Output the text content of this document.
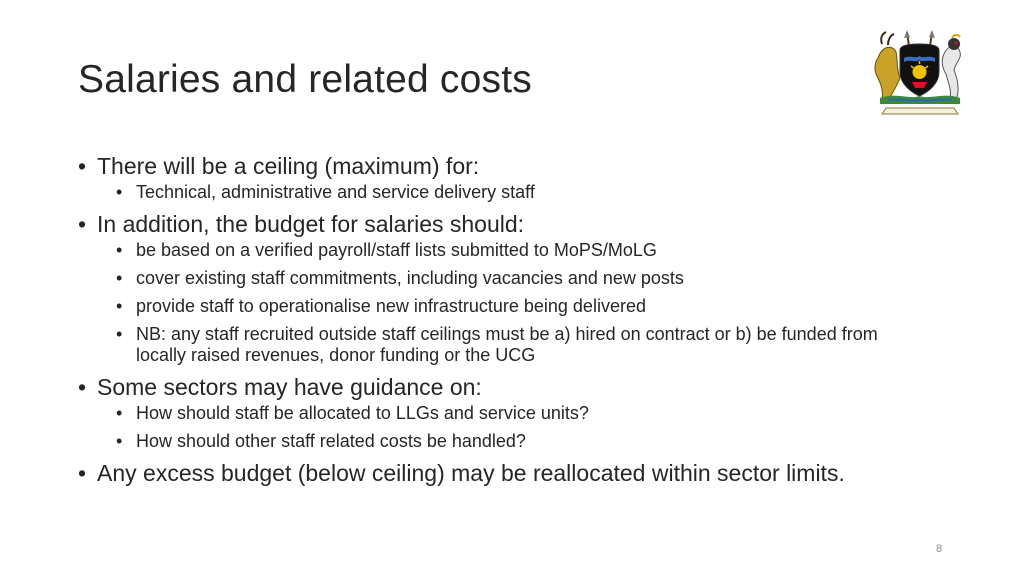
Salaries and related costs
• There will be a ceiling (maximum) for:
• Technical, administrative and service delivery staff
• In addition, the budget for salaries should:
• be based on a verified payroll/staff lists submitted to MoPS/MoLG
• cover existing staff commitments, including vacancies and new posts
• provide staff to operationalise new infrastructure being delivered
• NB: any staff recruited outside staff ceilings must be a) hired on contract or b) be funded from locally raised revenues, donor funding or the UCG
• Some sectors may have guidance on:
• How should staff be allocated to LLGs and service units?
• How should other staff related costs be handled?
• Any excess budget (below ceiling) may be reallocated within sector limits.
8
